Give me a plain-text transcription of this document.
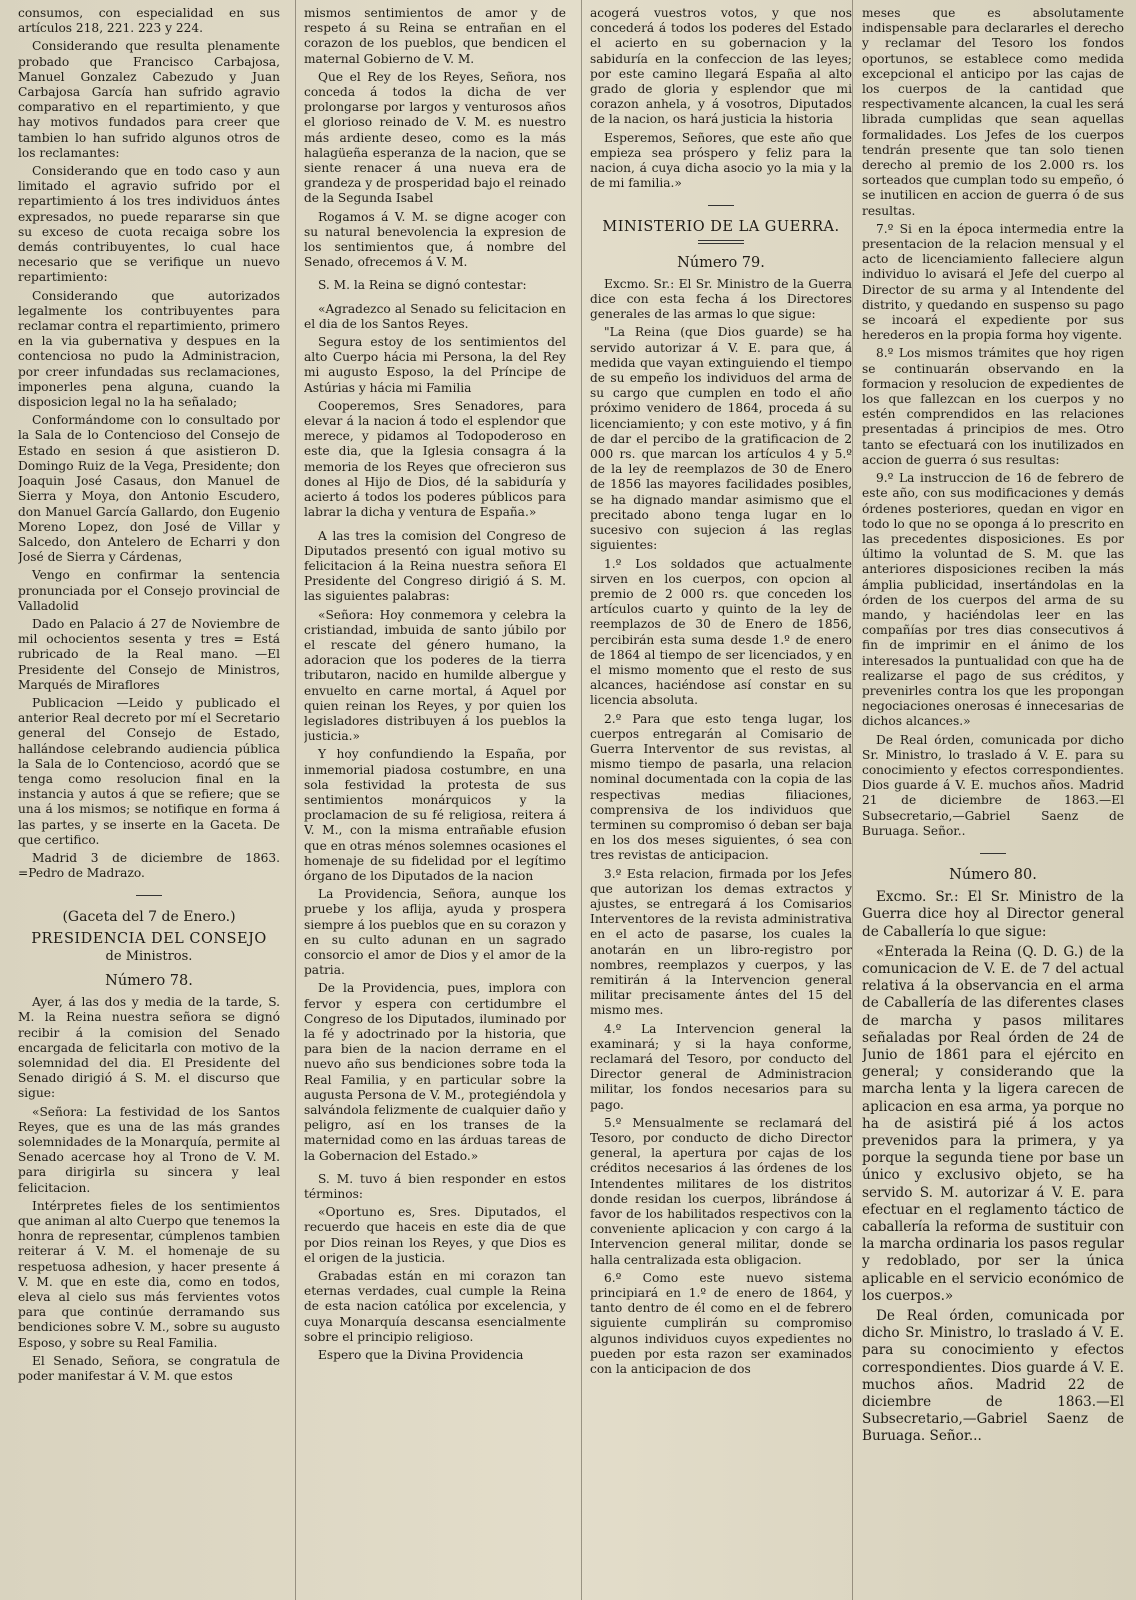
consumos, con especialidad en sus artículos 218, 221. 223 y 224.

Considerando que resulta plenamente probado que Francisco Carbajosa, Manuel Gonzalez Cabezudo y Juan Carbajosa García han sufrido agravio comparativo en el repartimiento, y que hay motivos fundados para creer que tambien lo han sufrido algunos otros de los reclamantes:

Considerando que en todo caso y aun limitado el agravio sufrido por el repartimiento á los tres individuos ántes expresados, no puede repararse sin que su exceso de cuota recaiga sobre los demás contribuyentes, lo cual hace necesario que se verifique un nuevo repartimiento:

Considerando que autorizados legalmente los contribuyentes para reclamar contra el repartimiento, primero en la via gubernativa y despues en la contenciosa no pudo la Administracion, por creer infundadas sus reclamaciones, imponerles pena alguna, cuando la disposicion legal no la ha señalado;

Conformándome con lo consultado por la Sala de lo Contencioso del Consejo de Estado en sesion á que asistieron D. Domingo Ruiz de la Vega, Presidente; don Joaquin José Casaus, don Manuel de Sierra y Moya, don Antonio Escudero, don Manuel García Gallardo, don Eugenio Moreno Lopez, don José de Villar y Salcedo, don Antelero de Echarri y don José de Sierra y Cárdenas,

Vengo en confirmar la sentencia pronunciada por el Consejo provincial de Valladolid

Dado en Palacio á 27 de Noviembre de mil ochocientos sesenta y tres = Está rubricado de la Real mano. —El Presidente del Consejo de Ministros, Marqués de Miraflores

Publicacion —Leido y publicado el anterior Real decreto por mí el Secretario general del Consejo de Estado, hallándose celebrando audiencia pública la Sala de lo Contencioso, acordó que se tenga como resolucion final en la instancia y autos á que se refiere; que se una á los mismos; se notifique en forma á las partes, y se inserte en la Gaceta. De que certifico.

Madrid 3 de diciembre de 1863. =Pedro de Madrazo.

(Gaceta del 7 de Enero.)
PRESIDENCIA DEL CONSEJO
de Ministros.
Número 78.

Ayer, á las dos y media de la tarde, S. M. la Reina nuestra señora se dignó recibir á la comision del Senado encargada de felicitarla con motivo de la solemnidad del dia. El Presidente del Senado dirigió á S. M. el discurso que sigue:

«Señora: La festividad de los Santos Reyes, que es una de las más grandes solemnidades de la Monarquía, permite al Senado acercase hoy al Trono de V. M. para dirigirla su sincera y leal felicitacion.

Intérpretes fieles de los sentimientos que animan al alto Cuerpo que tenemos la honra de representar, cúmplenos tambien reiterar á V. M. el homenaje de su respetuosa adhesion, y hacer presente á V. M. que en este dia, como en todos, eleva al cielo sus más fervientes votos para que continúe derramando sus bendiciones sobre V. M., sobre su augusto Esposo, y sobre su Real Familia.

El Senado, Señora, se congratula de poder manifestar á V. M. que estos

mismos sentimientos de amor y de respeto á su Reina se entrañan en el corazon de los pueblos, que bendicen el maternal Gobierno de V. M.

Que el Rey de los Reyes, Señora, nos conceda á todos la dicha de ver prolongarse por largos y venturosos años el glorioso reinado de V. M. es nuestro más ardiente deseo, como es la más halagüeña esperanza de la nacion, que se siente renacer á una nueva era de grandeza y de prosperidad bajo el reinado de la Segunda Isabel

Rogamos á V. M. se digne acoger con su natural benevolencia la expresion de los sentimientos que, á nombre del Senado, ofrecemos á V. M.

S. M. la Reina se dignó contestar:

«Agradezco al Senado su felicitacion en el dia de los Santos Reyes.

Segura estoy de los sentimientos del alto Cuerpo hácia mi Persona, la del Rey mi augusto Esposo, la del Príncipe de Astúrias y hácia mi Familia

Cooperemos, Sres Senadores, para elevar á la nacion á todo el esplendor que merece, y pidamos al Todopoderoso en este dia, que la Iglesia consagra á la memoria de los Reyes que ofrecieron sus dones al Hijo de Dios, dé la sabiduría y acierto á todos los poderes públicos para labrar la dicha y ventura de España.»

A las tres la comision del Congreso de Diputados presentó con igual motivo su felicitacion á la Reina nuestra señora El Presidente del Congreso dirigió á S. M. las siguientes palabras:

«Señora: Hoy conmemora y celebra la cristiandad, imbuida de santo júbilo por el rescate del género humano, la adoracion que los poderes de la tierra tributaron, nacido en humilde albergue y envuelto en carne mortal, á Aquel por quien reinan los Reyes, y por quien los legisladores distribuyen á los pueblos la justicia.»

Y hoy confundiendo la España, por inmemorial piadosa costumbre, en una sola festividad la protesta de sus sentimientos monárquicos y la proclamacion de su fé religiosa, reitera á V. M., con la misma entrañable efusion que en otras ménos solemnes ocasiones el homenaje de su fidelidad por el legítimo órgano de los Diputados de la nacion

La Providencia, Señora, aunque los pruebe y los aflija, ayuda y prospera siempre á los pueblos que en su corazon y en su culto adunan en un sagrado consorcio el amor de Dios y el amor de la patria.

De la Providencia, pues, implora con fervor y espera con certidumbre el Congreso de los Diputados, iluminado por la fé y adoctrinado por la historia, que para bien de la nacion derrame en el nuevo año sus bendiciones sobre toda la Real Familia, y en particular sobre la augusta Persona de V. M., protegiéndola y salvándola felizmente de cualquier daño y peligro, así en los transes de la maternidad como en las árduas tareas de la Gobernacion del Estado.»

S. M. tuvo á bien responder en estos términos:

«Oportuno es, Sres. Diputados, el recuerdo que haceis en este dia de que por Dios reinan los Reyes, y que Dios es el origen de la justicia.

Grabadas están en mi corazon tan eternas verdades, cual cumple la Reina de esta nacion católica por excelencia, y cuya Monarquía descansa esencialmente sobre el principio religioso.

Espero que la Divina Providencia

acogerá vuestros votos, y que nos concederá á todos los poderes del Estado el acierto en su gobernacion y la sabiduría en la confeccion de las leyes; por este camino llegará España al alto grado de gloria y esplendor que mi corazon anhela, y á vosotros, Diputados de la nacion, os hará justicia la historia

Esperemos, Señores, que este año que empieza sea próspero y feliz para la nacion, á cuya dicha asocio yo la mia y la de mi familia.»

MINISTERIO DE LA GUERRA.
Número 79.

Excmo. Sr.: El Sr. Ministro de la Guerra dice con esta fecha á los Directores generales de las armas lo que sigue:

"La Reina (que Dios guarde) se ha servido autorizar á V. E. para que, á medida que vayan extinguiendo el tiempo de su empeño los individuos del arma de su cargo que cumplen en todo el año próximo venidero de 1864, proceda á su licenciamiento; y con este motivo, y á fin de dar el percibo de la gratificacion de 2 000 rs. que marcan los artículos 4 y 5.º de la ley de reemplazos de 30 de Enero de 1856 las mayores facilidades posibles, se ha dignado mandar asimismo que el precitado abono tenga lugar en lo sucesivo con sujecion á las reglas siguientes:

1.º Los soldados que actualmente sirven en los cuerpos, con opcion al premio de 2 000 rs. que conceden los artículos cuarto y quinto de la ley de reemplazos de 30 de Enero de 1856, percibirán esta suma desde 1.º de enero de 1864 al tiempo de ser licenciados, y en el mismo momento que el resto de sus alcances, haciéndose así constar en su licencia absoluta.

2.º Para que esto tenga lugar, los cuerpos entregarán al Comisario de Guerra Interventor de sus revistas, al mismo tiempo de pasarla, una relacion nominal documentada con la copia de las respectivas medias filiaciones, comprensiva de los individuos que terminen su compromiso ó deban ser baja en los dos meses siguientes, ó sea con tres revistas de anticipacion.

3.º Esta relacion, firmada por los Jefes que autorizan los demas extractos y ajustes, se entregará á los Comisarios Interventores de la revista administrativa en el acto de pasarse, los cuales la anotarán en un libro-registro por nombres, reemplazos y cuerpos, y las remitirán á la Intervencion general militar precisamente ántes del 15 del mismo mes.

4.º La Intervencion general la examinará; y si la haya conforme, reclamará del Tesoro, por conducto del Director general de Administracion militar, los fondos necesarios para su pago.

5.º Mensualmente se reclamará del Tesoro, por conducto de dicho Director general, la apertura por cajas de los créditos necesarios á las órdenes de los Intendentes militares de los distritos donde residan los cuerpos, librándose á favor de los habilitados respectivos con la conveniente aplicacion y con cargo á la Intervencion general militar, donde se halla centralizada esta obligacion.

6.º Como este nuevo sistema principiará en 1.º de enero de 1864, y tanto dentro de él como en el de febrero siguiente cumplirán su compromiso algunos individuos cuyos expedientes no pueden por esta razon ser examinados con la anticipacion de dos

meses que es absolutamente indispensable para declararles el derecho y reclamar del Tesoro los fondos oportunos, se establece como medida excepcional el anticipo por las cajas de los cuerpos de la cantidad que respectivamente alcancen, la cual les será librada cumplidas que sean aquellas formalidades. Los Jefes de los cuerpos tendrán presente que tan solo tienen derecho al premio de los 2.000 rs. los sorteados que cumplan todo su empeño, ó se inutilicen en accion de guerra ó de sus resultas.

7.º Si en la época intermedia entre la presentacion de la relacion mensual y el acto de licenciamiento falleciere algun individuo lo avisará el Jefe del cuerpo al Director de su arma y al Intendente del distrito, y quedando en suspenso su pago se incoará el expediente por sus herederos en la propia forma hoy vigente.

8.º Los mismos trámites que hoy rigen se continuarán observando en la formacion y resolucion de expedientes de los que fallezcan en los cuerpos y no estén comprendidos en las relaciones presentadas á principios de mes. Otro tanto se efectuará con los inutilizados en accion de guerra ó sus resultas:

9.º La instruccion de 16 de febrero de este año, con sus modificaciones y demás órdenes posteriores, quedan en vigor en todo lo que no se oponga á lo prescrito en las precedentes disposiciones. Es por último la voluntad de S. M. que las anteriores disposiciones reciben la más ámplia publicidad, insertándolas en la órden de los cuerpos del arma de su mando, y haciéndolas leer en las compañías por tres dias consecutivos á fin de imprimir en el ánimo de los interesados la puntualidad con que ha de realizarse el pago de sus créditos, y prevenirles contra los que les propongan negociaciones onerosas é innecesarias de dichos alcances.»

De Real órden, comunicada por dicho Sr. Ministro, lo traslado á V. E. para su conocimiento y efectos correspondientes. Dios guarde á V. E. muchos años. Madrid 21 de diciembre de 1863.—El Subsecretario,—Gabriel Saenz de Buruaga. Señor..

Número 80.

Excmo. Sr.: El Sr. Ministro de la Guerra dice hoy al Director general de Caballería lo que sigue:

«Enterada la Reina (Q. D. G.) de la comunicacion de V. E. de 7 del actual relativa á la observancia en el arma de Caballería de las diferentes clases de marcha y pasos militares señaladas por Real órden de 24 de Junio de 1861 para el ejército en general; y considerando que la marcha lenta y la ligera carecen de aplicacion en esa arma, ya porque no ha de asistirá pié á los actos prevenidos para la primera, y ya porque la segunda tiene por base un único y exclusivo objeto, se ha servido S. M. autorizar á V. E. para efectuar en el reglamento táctico de caballería la reforma de sustituir con la marcha ordinaria los pasos regular y redoblado, por ser la única aplicable en el servicio económico de los cuerpos.»

De Real órden, comunicada por dicho Sr. Ministro, lo traslado á V. E. para su conocimiento y efectos correspondientes. Dios guarde á V. E. muchos años. Madrid 22 de diciembre de 1863.—El Subsecretario,—Gabriel Saenz de Buruaga. Señor...
